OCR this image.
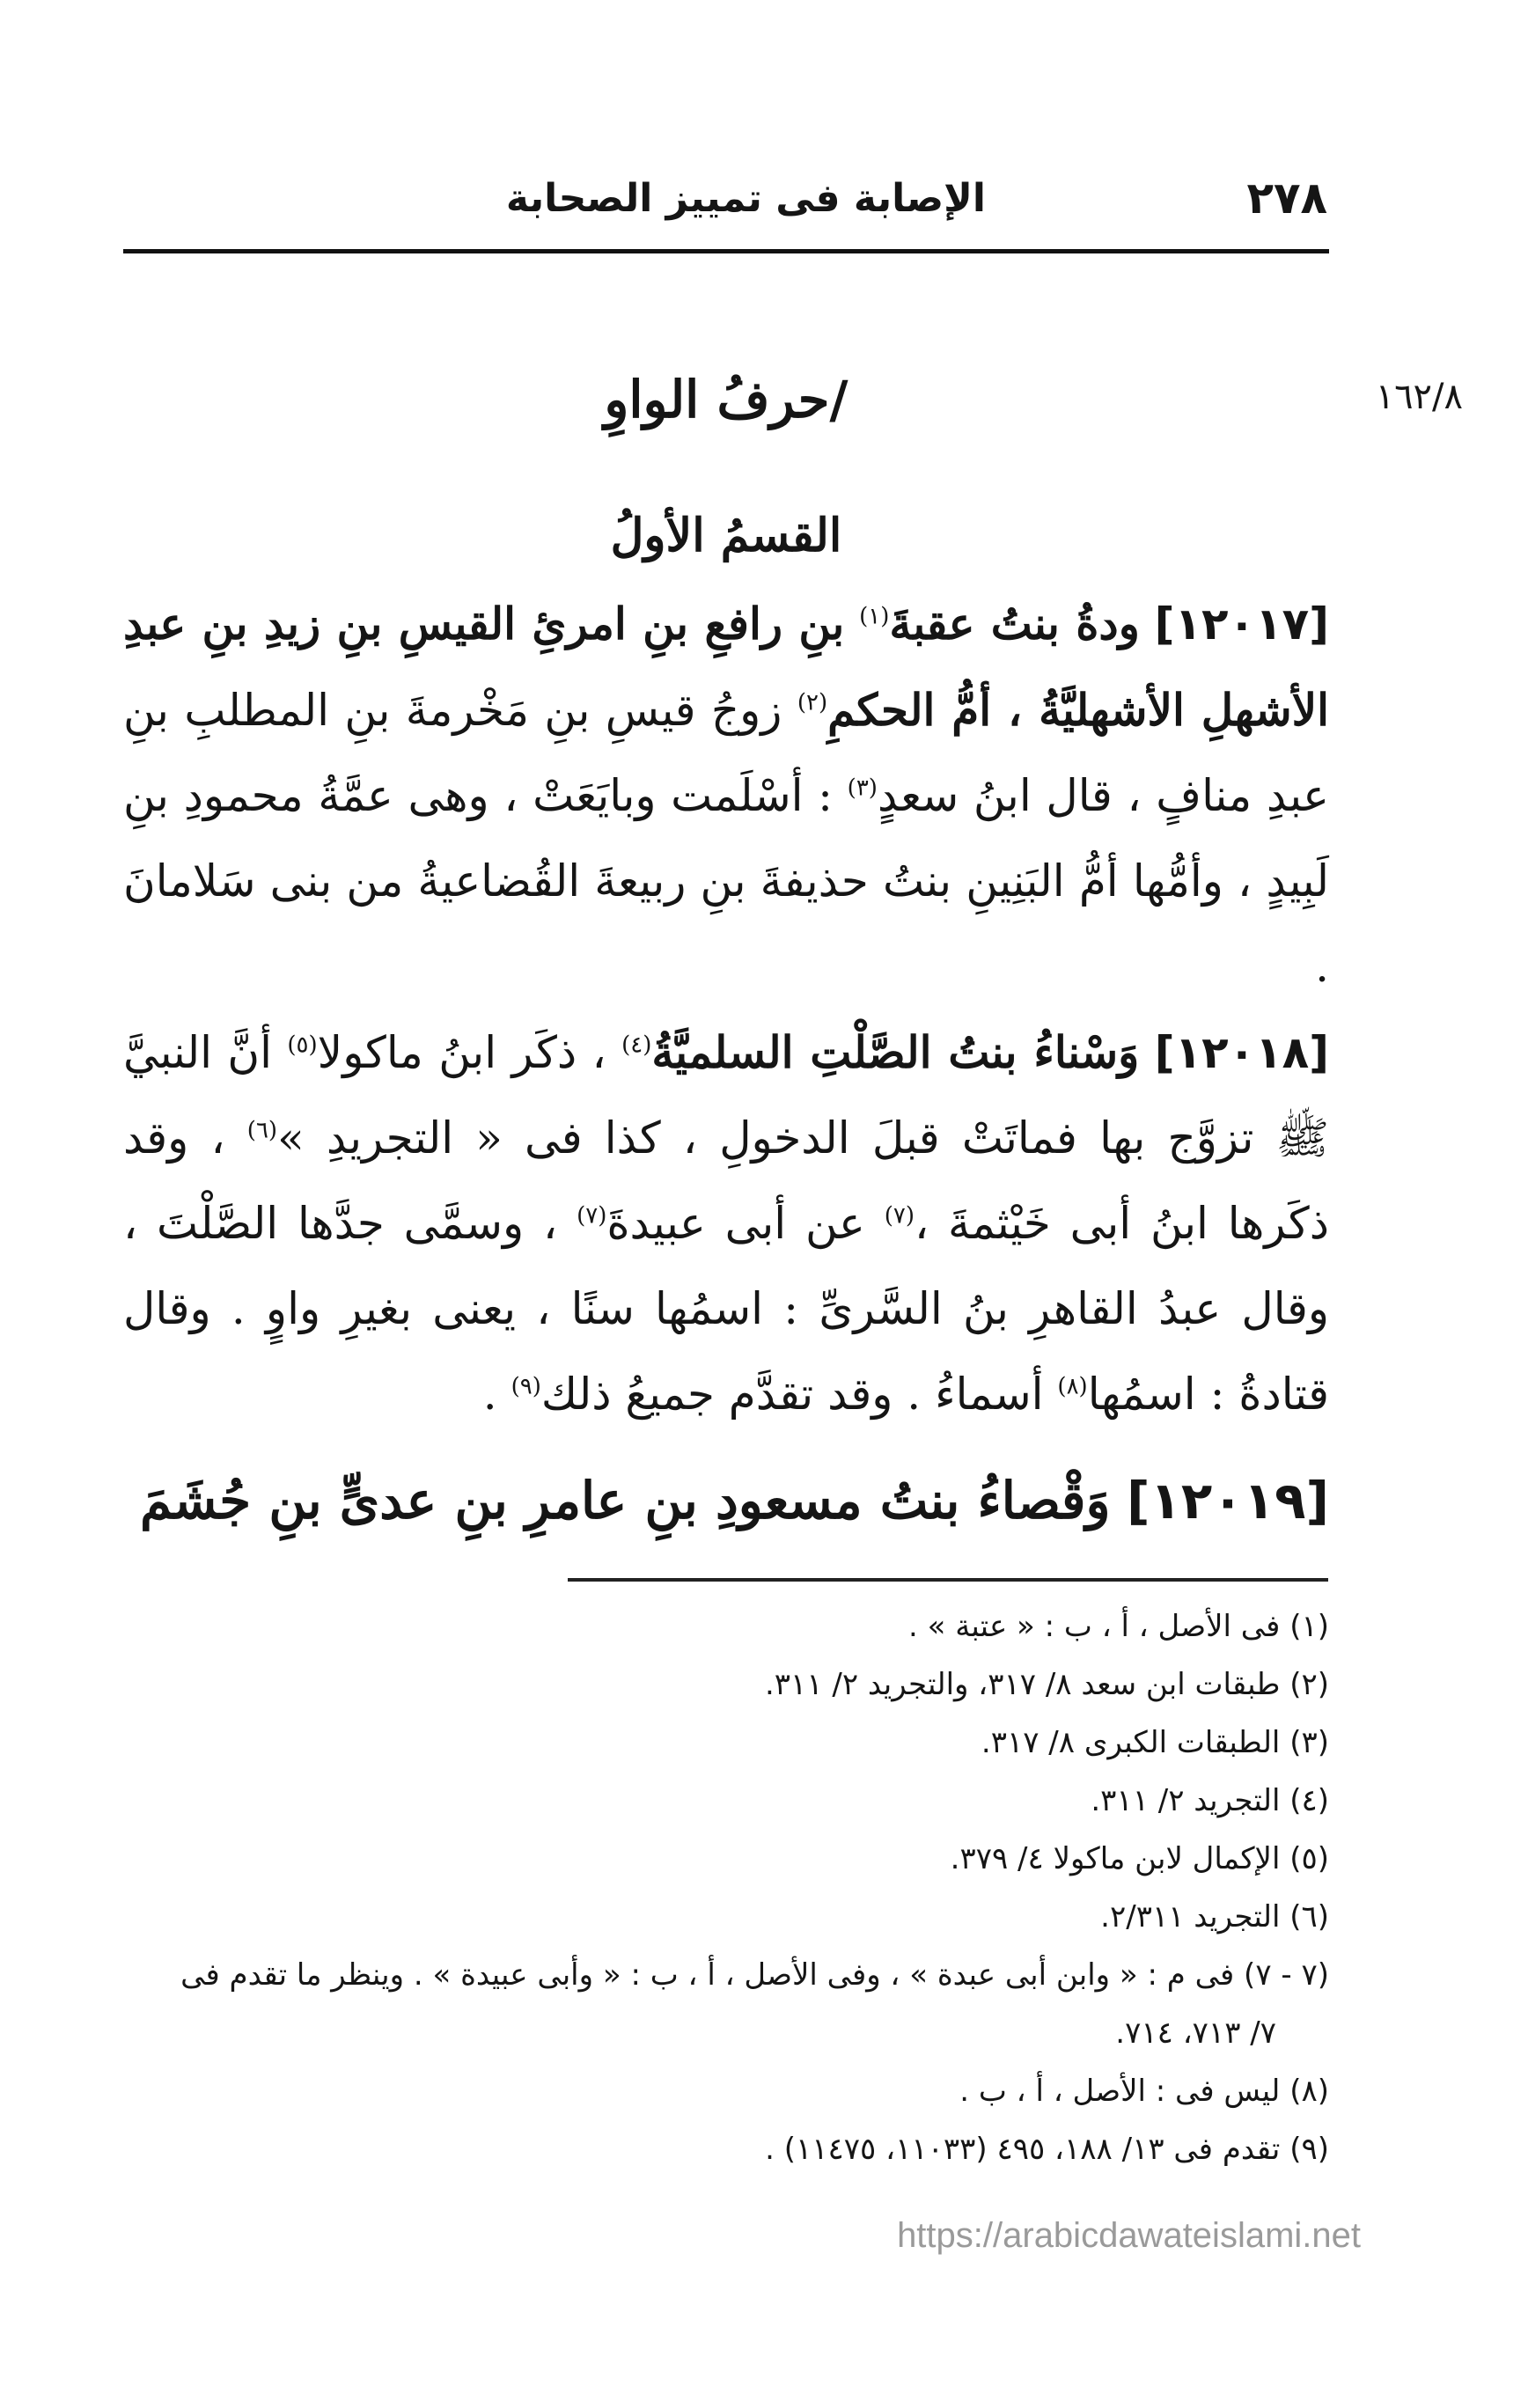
٢٧٨
الإصابة فى تمييز الصحابة
١٦٢/٨
/حرفُ الواوِ
القسمُ الأولُ

[١٢٠١٧] ودةُ بنتُ عقبةَ$^{(١)}$ بنِ رافعِ بنِ امرئِ القيسِ بنِ زيدِ بنِ عبدِ الأشهلِ الأشهليَّةُ ، أمُّ الحكمِ$^{(٢)}$ زوجُ قيسِ بنِ مَخْرمةَ بنِ المطلبِ بنِ عبدِ منافٍ ، قال ابنُ سعدٍ$^{(٣)}$ : أسْلَمت وبايَعَتْ ، وهى عمَّةُ محمودِ بنِ لَبِيدٍ ، وأمُّها أمُّ البَنِينِ بنتُ حذيفةَ بنِ ربيعةَ القُضاعيةُ من بنى سَلامانَ .

[١٢٠١٨] وَسْناءُ بنتُ الصَّلْتِ السلميَّةُ$^{(٤)}$ ، ذكَر ابنُ ماكولا$^{(٥)}$ أنَّ النبيَّ ﷺ تزوَّج بها فماتَتْ قبلَ الدخولِ ، كذا فى « التجريدِ »$^{(٦)}$ ، وقد ذكَرها ابنُ أبى خَيْثمةَ ،$^{(٧)}$ عن أبى عبيدةَ$^{(٧)}$ ، وسمَّى جدَّها الصَّلْتَ ، وقال عبدُ القاهرِ بنُ السَّرىِّ : اسمُها سنًا ، يعنى بغيرِ واوٍ . وقال قتادةُ : اسمُها$^{(٨)}$ أسماءُ . وقد تقدَّم جميعُ ذلك$^{(٩)}$ .

[١٢٠١٩] وَقْصاءُ بنتُ مسعودِ بنِ عامرِ بنِ عدىٍّ بنِ جُشَمَ

(١) فى الأصل ، أ ، ب : « عتبة » .

(٢) طبقات ابن سعد ٨/ ٣١٧، والتجريد ٢/ ٣١١.

(٣) الطبقات الكبرى ٨/ ٣١٧.

(٤) التجريد ٢/ ٣١١.

(٥) الإكمال لابن ماكولا ٤/ ٣٧٩.

(٦) التجريد ٢/٣١١.

(٧ - ٧) فى م : « وابن أبى عبدة » ، وفى الأصل ، أ ، ب : « وأبى عبيدة » . وينظر ما تقدم فى

٧/ ٧١٣، ٧١٤.

(٨) ليس فى : الأصل ، أ ، ب .

(٩) تقدم فى ١٣/ ١٨٨، ٤٩٥ (١١٠٣٣، ١١٤٧٥) .

https://arabicdawateislami.net
